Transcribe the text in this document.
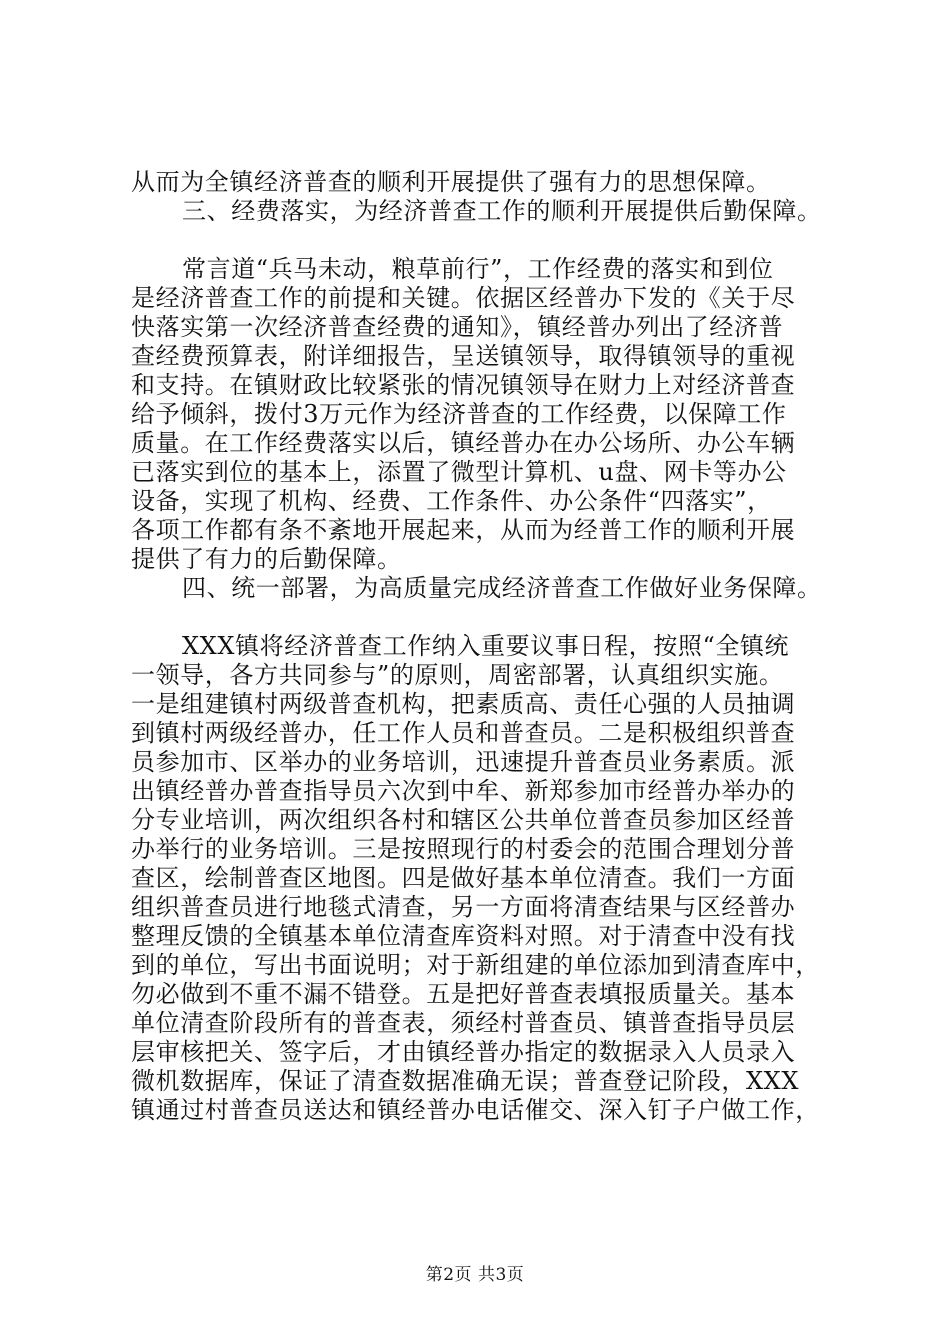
从而为全镇经济普查的顺利开展提供了强有力的思想保障。
三、经费落实，为经济普查工作的顺利开展提供后勤保障。
常言道“兵马未动，粮草前行”，工作经费的落实和到位
是经济普查工作的前提和关键。依据区经普办下发的《关于尽
快落实第一次经济普查经费的通知》，镇经普办列出了经济普
查经费预算表，附详细报告，呈送镇领导，取得镇领导的重视
和支持。在镇财政比较紧张的情况镇领导在财力上对经济普查
给予倾斜，拨付3万元作为经济普查的工作经费，以保障工作
质量。在工作经费落实以后，镇经普办在办公场所、办公车辆
已落实到位的基本上，添置了微型计算机、u盘、网卡等办公
设备，实现了机构、经费、工作条件、办公条件“四落实”，
各项工作都有条不紊地开展起来，从而为经普工作的顺利开展
提供了有力的后勤保障。
四、统一部署，为高质量完成经济普查工作做好业务保障。
XXX镇将经济普查工作纳入重要议事日程，按照“全镇统
一领导，各方共同参与”的原则，周密部署，认真组织实施。
一是组建镇村两级普查机构，把素质高、责任心强的人员抽调
到镇村两级经普办，任工作人员和普查员。二是积极组织普查
员参加市、区举办的业务培训，迅速提升普查员业务素质。派
出镇经普办普查指导员六次到中牟、新郑参加市经普办举办的
分专业培训，两次组织各村和辖区公共单位普查员参加区经普
办举行的业务培训。三是按照现行的村委会的范围合理划分普
查区，绘制普查区地图。四是做好基本单位清查。我们一方面
组织普查员进行地毯式清查，另一方面将清查结果与区经普办
整理反馈的全镇基本单位清查库资料对照。对于清查中没有找
到的单位，写出书面说明；对于新组建的单位添加到清查库中，
勿必做到不重不漏不错登。五是把好普查表填报质量关。基本
单位清查阶段所有的普查表，须经村普查员、镇普查指导员层
层审核把关、签字后，才由镇经普办指定的数据录入人员录入
微机数据库，保证了清查数据准确无误；普查登记阶段，XXX
镇通过村普查员送达和镇经普办电话催交、深入钉子户做工作，
第2页 共3页
